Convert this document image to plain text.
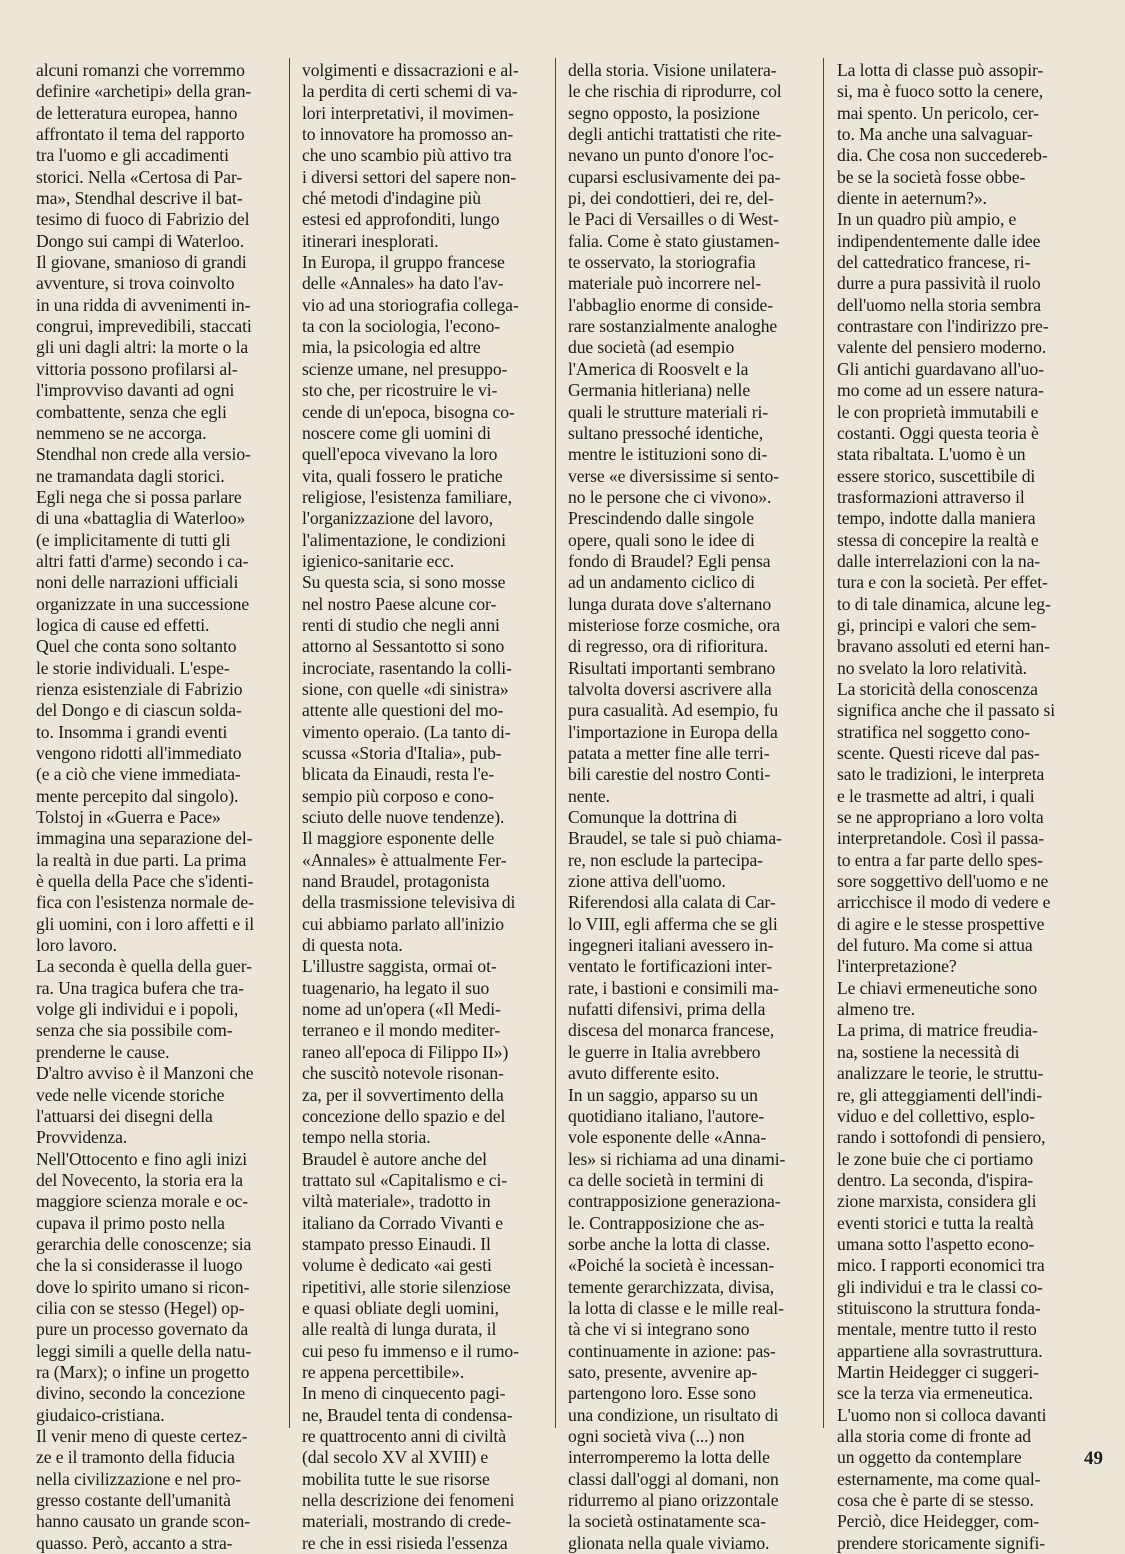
alcuni romanzi che vorremmo
definire «archetipi» della gran-
de letteratura europea, hanno
affrontato il tema del rapporto
tra l'uomo e gli accadimenti
storici. Nella «Certosa di Par-
ma», Stendhal descrive il bat-
tesimo di fuoco di Fabrizio del
Dongo sui campi di Waterloo.
Il giovane, smanioso di grandi
avventure, si trova coinvolto
in una ridda di avvenimenti in-
congrui, imprevedibili, staccati
gli uni dagli altri: la morte o la
vittoria possono profilarsi al-
l'improvviso davanti ad ogni
combattente, senza che egli
nemmeno se ne accorga.
Stendhal non crede alla versio-
ne tramandata dagli storici.
Egli nega che si possa parlare
di una «battaglia di Waterloo»
(e implicitamente di tutti gli
altri fatti d'arme) secondo i ca-
noni delle narrazioni ufficiali
organizzate in una successione
logica di cause ed effetti.
Quel che conta sono soltanto
le storie individuali. L'espe-
rienza esistenziale di Fabrizio
del Dongo e di ciascun solda-
to. Insomma i grandi eventi
vengono ridotti all'immediato
(e a ciò che viene immediata-
mente percepito dal singolo).
Tolstoj in «Guerra e Pace»
immagina una separazione del-
la realtà in due parti. La prima
è quella della Pace che s'identi-
fica con l'esistenza normale de-
gli uomini, con i loro affetti e il
loro lavoro.
La seconda è quella della guer-
ra. Una tragica bufera che tra-
volge gli individui e i popoli,
senza che sia possibile com-
prenderne le cause.
D'altro avviso è il Manzoni che
vede nelle vicende storiche
l'attuarsi dei disegni della
Provvidenza.
Nell'Ottocento e fino agli inizi
del Novecento, la storia era la
maggiore scienza morale e oc-
cupava il primo posto nella
gerarchia delle conoscenze; sia
che la si considerasse il luogo
dove lo spirito umano si ricon-
cilia con se stesso (Hegel) op-
pure un processo governato da
leggi simili a quelle della natu-
ra (Marx); o infine un progetto
divino, secondo la concezione
giudaico-cristiana.
Il venir meno di queste certez-
ze e il tramonto della fiducia
nella civilizzazione e nel pro-
gresso costante dell'umanità
hanno causato un grande scon-
quasso. Però, accanto a stra-
volgimenti e dissacrazioni e al-
la perdita di certi schemi di va-
lori interpretativi, il movimen-
to innovatore ha promosso an-
che uno scambio più attivo tra
i diversi settori del sapere non-
ché metodi d'indagine più
estesi ed approfonditi, lungo
itinerari inesplorati.
In Europa, il gruppo francese
delle «Annales» ha dato l'av-
vio ad una storiografia collega-
ta con la sociologia, l'econo-
mia, la psicologia ed altre
scienze umane, nel presuppo-
sto che, per ricostruire le vi-
cende di un'epoca, bisogna co-
noscere come gli uomini di
quell'epoca vivevano la loro
vita, quali fossero le pratiche
religiose, l'esistenza familiare,
l'organizzazione del lavoro,
l'alimentazione, le condizioni
igienico-sanitarie ecc.
Su questa scia, si sono mosse
nel nostro Paese alcune cor-
renti di studio che negli anni
attorno al Sessantotto si sono
incrociate, rasentando la colli-
sione, con quelle «di sinistra»
attente alle questioni del mo-
vimento operaio. (La tanto di-
scussa «Storia d'Italia», pub-
blicata da Einaudi, resta l'e-
sempio più corposo e cono-
sciuto delle nuove tendenze).
Il maggiore esponente delle
«Annales» è attualmente Fer-
nand Braudel, protagonista
della trasmissione televisiva di
cui abbiamo parlato all'inizio
di questa nota.
L'illustre saggista, ormai ot-
tuagenario, ha legato il suo
nome ad un'opera («Il Medi-
terraneo e il mondo mediter-
raneo all'epoca di Filippo II»)
che suscitò notevole risonan-
za, per il sovvertimento della
concezione dello spazio e del
tempo nella storia.
Braudel è autore anche del
trattato sul «Capitalismo e ci-
viltà materiale», tradotto in
italiano da Corrado Vivanti e
stampato presso Einaudi. Il
volume è dedicato «ai gesti
ripetitivi, alle storie silenziose
e quasi obliate degli uomini,
alle realtà di lunga durata, il
cui peso fu immenso e il rumo-
re appena percettibile».
In meno di cinquecento pagi-
ne, Braudel tenta di condensa-
re quattrocento anni di civiltà
(dal secolo XV al XVIII) e
mobilita tutte le sue risorse
nella descrizione dei fenomeni
materiali, mostrando di crede-
re che in essi risieda l'essenza
della storia. Visione unilatera-
le che rischia di riprodurre, col
segno opposto, la posizione
degli antichi trattatisti che rite-
nevano un punto d'onore l'oc-
cuparsi esclusivamente dei pa-
pi, dei condottieri, dei re, del-
le Paci di Versailles o di West-
falia. Come è stato giustamen-
te osservato, la storiografia
materiale può incorrere nel-
l'abbaglio enorme di conside-
rare sostanzialmente analoghe
due società (ad esempio
l'America di Roosvelt e la
Germania hitleriana) nelle
quali le strutture materiali ri-
sultano pressoché identiche,
mentre le istituzioni sono di-
verse «e diversissime si sento-
no le persone che ci vivono».
Prescindendo dalle singole
opere, quali sono le idee di
fondo di Braudel? Egli pensa
ad un andamento ciclico di
lunga durata dove s'alternano
misteriose forze cosmiche, ora
di regresso, ora di rifioritura.
Risultati importanti sembrano
talvolta doversi ascrivere alla
pura casualità. Ad esempio, fu
l'importazione in Europa della
patata a metter fine alle terri-
bili carestie del nostro Conti-
nente.
Comunque la dottrina di
Braudel, se tale si può chiama-
re, non esclude la partecipa-
zione attiva dell'uomo.
Riferendosi alla calata di Car-
lo VIII, egli afferma che se gli
ingegneri italiani avessero in-
ventato le fortificazioni inter-
rate, i bastioni e consimili ma-
nufatti difensivi, prima della
discesa del monarca francese,
le guerre in Italia avrebbero
avuto differente esito.
In un saggio, apparso su un
quotidiano italiano, l'autore-
vole esponente delle «Anna-
les» si richiama ad una dinami-
ca delle società in termini di
contrapposizione generaziona-
le. Contrapposizione che as-
sorbe anche la lotta di classe.
«Poiché la società è incessan-
temente gerarchizzata, divisa,
la lotta di classe e le mille real-
tà che vi si integrano sono
continuamente in azione: pas-
sato, presente, avvenire ap-
partengono loro. Esse sono
una condizione, un risultato di
ogni società viva (...) non
interromperemo la lotta delle
classi dall'oggi al domani, non
ridurremo al piano orizzontale
la società ostinatamente sca-
glionata nella quale viviamo.
La lotta di classe può assopir-
si, ma è fuoco sotto la cenere,
mai spento. Un pericolo, cer-
to. Ma anche una salvaguar-
dia. Che cosa non succedereb-
be se la società fosse obbe-
diente in aeternum?».
In un quadro più ampio, e
indipendentemente dalle idee
del cattedratico francese, ri-
durre a pura passività il ruolo
dell'uomo nella storia sembra
contrastare con l'indirizzo pre-
valente del pensiero moderno.
Gli antichi guardavano all'uo-
mo come ad un essere natura-
le con proprietà immutabili e
costanti. Oggi questa teoria è
stata ribaltata. L'uomo è un
essere storico, suscettibile di
trasformazioni attraverso il
tempo, indotte dalla maniera
stessa di concepire la realtà e
dalle interrelazioni con la na-
tura e con la società. Per effet-
to di tale dinamica, alcune leg-
gi, principi e valori che sem-
bravano assoluti ed eterni han-
no svelato la loro relatività.
La storicità della conoscenza
significa anche che il passato si
stratifica nel soggetto cono-
scente. Questi riceve dal pas-
sato le tradizioni, le interpreta
e le trasmette ad altri, i quali
se ne appropriano a loro volta
interpretandole. Così il passa-
to entra a far parte dello spes-
sore soggettivo dell'uomo e ne
arricchisce il modo di vedere e
di agire e le stesse prospettive
del futuro. Ma come si attua
l'interpretazione?
Le chiavi ermeneutiche sono
almeno tre.
La prima, di matrice freudia-
na, sostiene la necessità di
analizzare le teorie, le struttu-
re, gli atteggiamenti dell'indi-
viduo e del collettivo, esplo-
rando i sottofondi di pensiero,
le zone buie che ci portiamo
dentro. La seconda, d'ispira-
zione marxista, considera gli
eventi storici e tutta la realtà
umana sotto l'aspetto econo-
mico. I rapporti economici tra
gli individui e tra le classi co-
stituiscono la struttura fonda-
mentale, mentre tutto il resto
appartiene alla sovrastruttura.
Martin Heidegger ci suggeri-
sce la terza via ermeneutica.
L'uomo non si colloca davanti
alla storia come di fronte ad
un oggetto da contemplare
esternamente, ma come qual-
cosa che è parte di se stesso.
Perciò, dice Heidegger, com-
prendere storicamente signifi-
49
